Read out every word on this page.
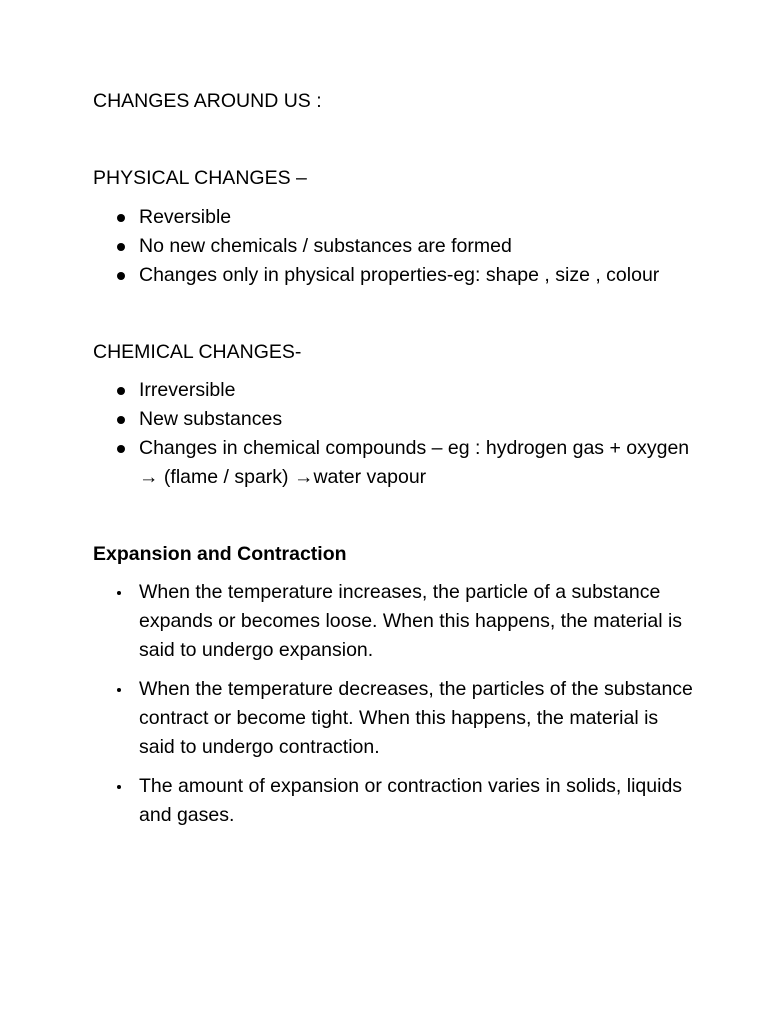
CHANGES AROUND US :

PHYSICAL CHANGES –

Reversible
No new chemicals / substances are formed
Changes only in physical properties-eg: shape , size , colour

CHEMICAL CHANGES-

Irreversible
New substances
Changes in chemical compounds – eg : hydrogen gas + oxygen → (flame / spark) →water vapour

Expansion and Contraction

When the temperature increases, the particle of a substance expands or becomes loose. When this happens, the material is said to undergo expansion.
When the temperature decreases, the particles of the substance contract or become tight. When this happens, the material is said to undergo contraction.
The amount of expansion or contraction varies in solids, liquids and gases.
